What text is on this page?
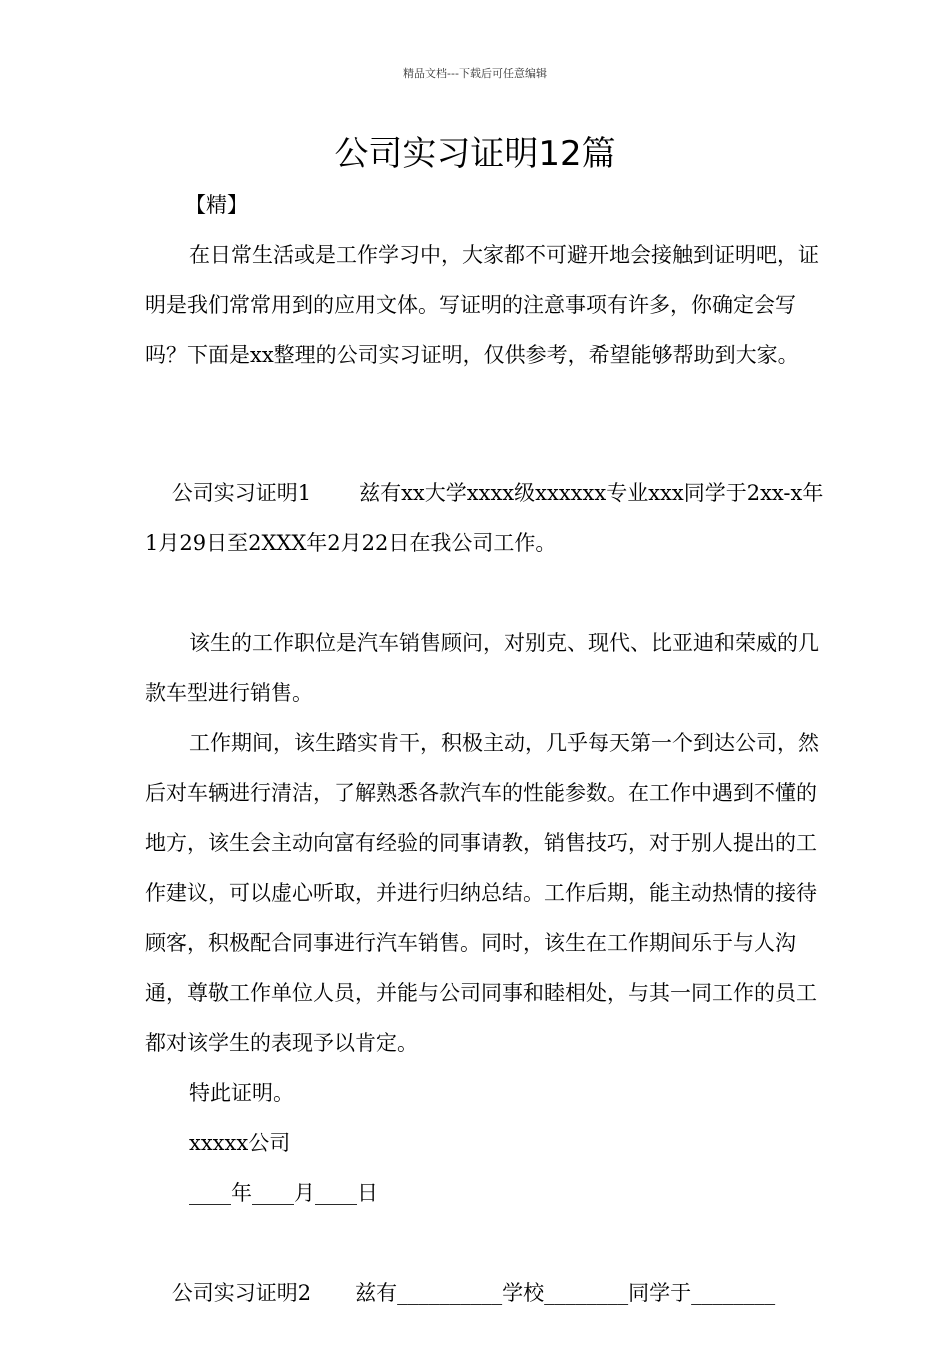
精品文档---下载后可任意编辑
公司实习证明12篇

【精】

在日常生活或是工作学习中，大家都不可避开地会接触到证明吧，证明是我们常常用到的应用文体。写证明的注意事项有许多，你确定会写吗？下面是xx整理的公司实习证明，仅供参考，希望能够帮助到大家。

公司实习证明1 兹有xx大学xxxx级xxxxxx专业xxx同学于2xx-x年1月29日至2XXX年2月22日在我公司工作。

该生的工作职位是汽车销售顾问，对别克、现代、比亚迪和荣威的几款车型进行销售。

工作期间，该生踏实肯干，积极主动，几乎每天第一个到达公司，然后对车辆进行清洁，了解熟悉各款汽车的性能参数。在工作中遇到不懂的地方，该生会主动向富有经验的同事请教，销售技巧，对于别人提出的工作建议，可以虚心听取，并进行归纳总结。工作后期，能主动热情的接待顾客，积极配合同事进行汽车销售。同时，该生在工作期间乐于与人沟通，尊敬工作单位人员，并能与公司同事和睦相处，与其一同工作的员工都对该学生的表现予以肯定。

特此证明。

xxxxx公司

____年____月____日

公司实习证明2 兹有__________学校________同学于________
